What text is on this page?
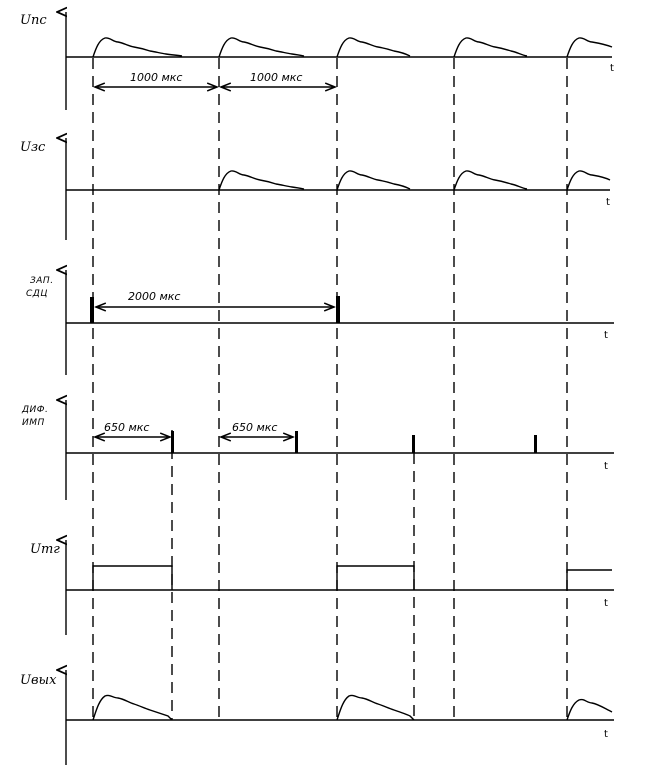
Uпс
t
1000 мкс	1000 мкс
Uзс
t
ЗАП.
СДЦ
t
2000 мкс
ДИФ.
ИМП
t
650 мкс	650 мкс
Uтг
t
Uвых
t
